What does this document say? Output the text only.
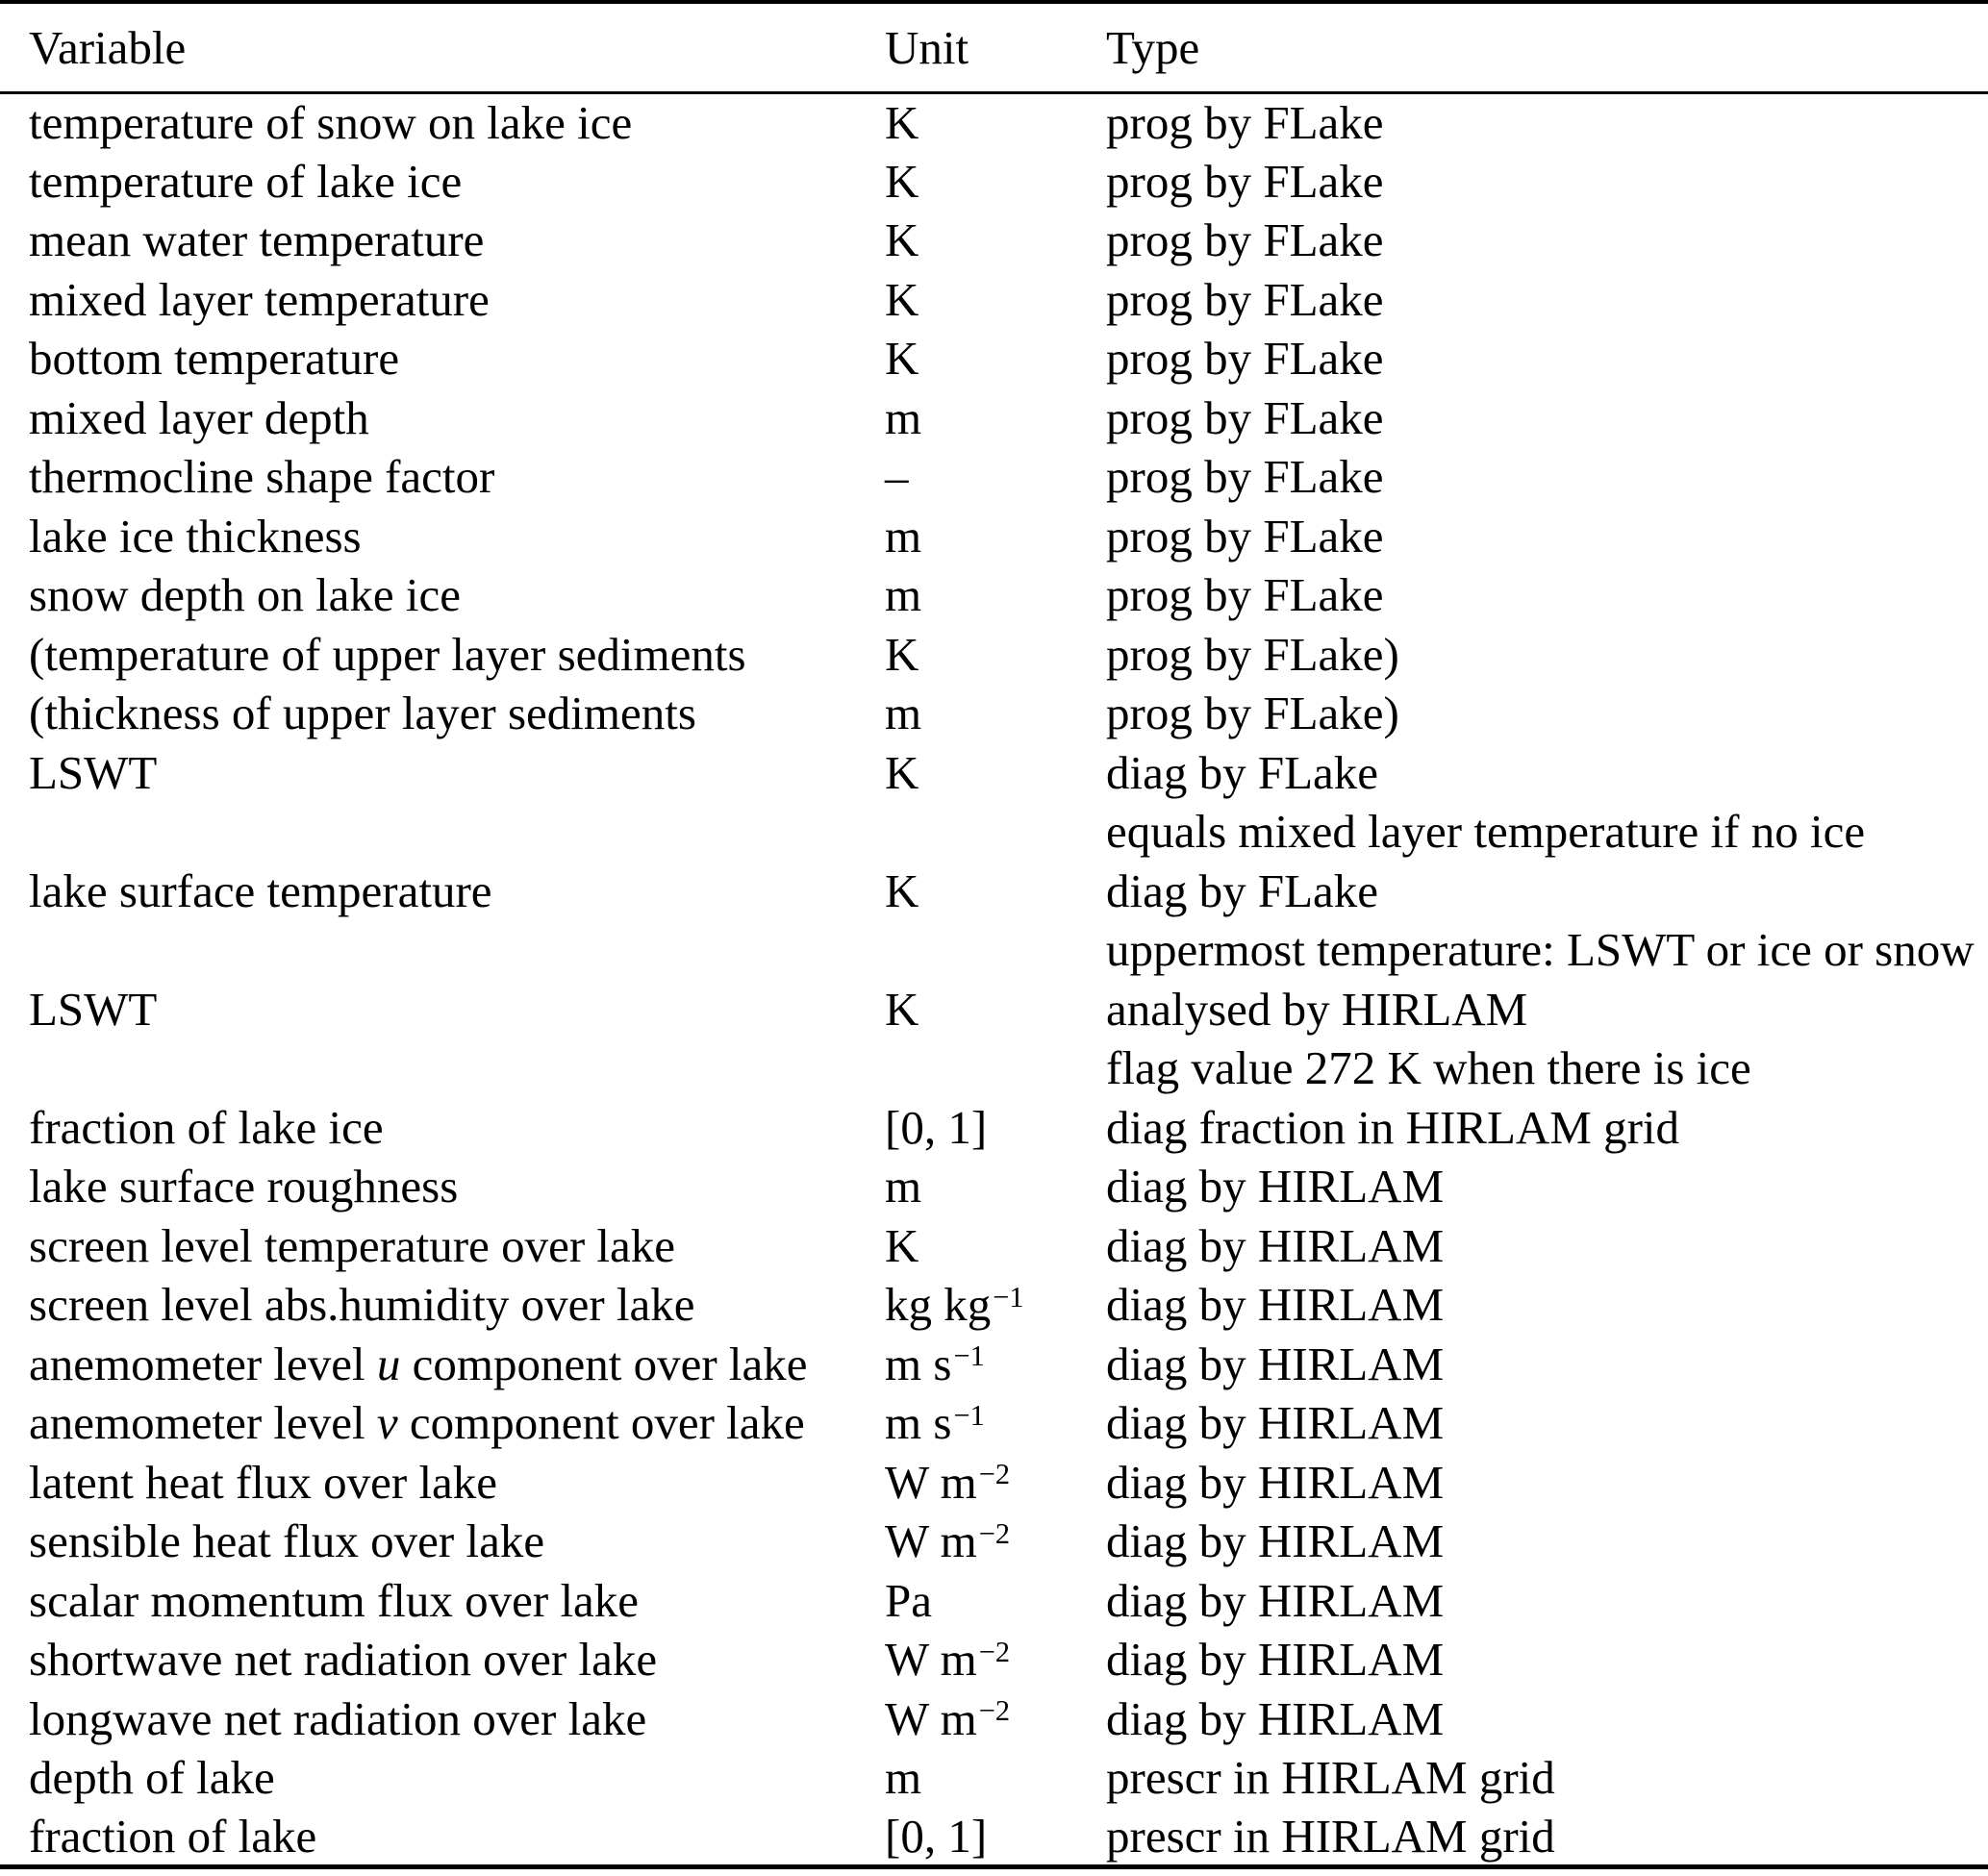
Variable	Unit	Type
temperature of snow on lake ice	K	prog by FLake
temperature of lake ice	K	prog by FLake
mean water temperature	K	prog by FLake
mixed layer temperature	K	prog by FLake
bottom temperature	K	prog by FLake
mixed layer depth	m	prog by FLake
thermocline shape factor	–	prog by FLake
lake ice thickness	m	prog by FLake
snow depth on lake ice	m	prog by FLake
(temperature of upper layer sediments	K	prog by FLake)
(thickness of upper layer sediments	m	prog by FLake)
LSWT	K	diag by FLake
		equals mixed layer temperature if no ice
lake surface temperature	K	diag by FLake
		uppermost temperature: LSWT or ice or snow
LSWT	K	analysed by HIRLAM
		flag value 272 K when there is ice
fraction of lake ice	[0, 1]	diag fraction in HIRLAM grid
lake surface roughness	m	diag by HIRLAM
screen level temperature over lake	K	diag by HIRLAM
screen level abs.humidity over lake	kg kg−1	diag by HIRLAM
anemometer level u component over lake	m s−1	diag by HIRLAM
anemometer level v component over lake	m s−1	diag by HIRLAM
latent heat flux over lake	W m−2	diag by HIRLAM
sensible heat flux over lake	W m−2	diag by HIRLAM
scalar momentum flux over lake	Pa	diag by HIRLAM
shortwave net radiation over lake	W m−2	diag by HIRLAM
longwave net radiation over lake	W m−2	diag by HIRLAM
depth of lake	m	prescr in HIRLAM grid
fraction of lake	[0, 1]	prescr in HIRLAM grid
